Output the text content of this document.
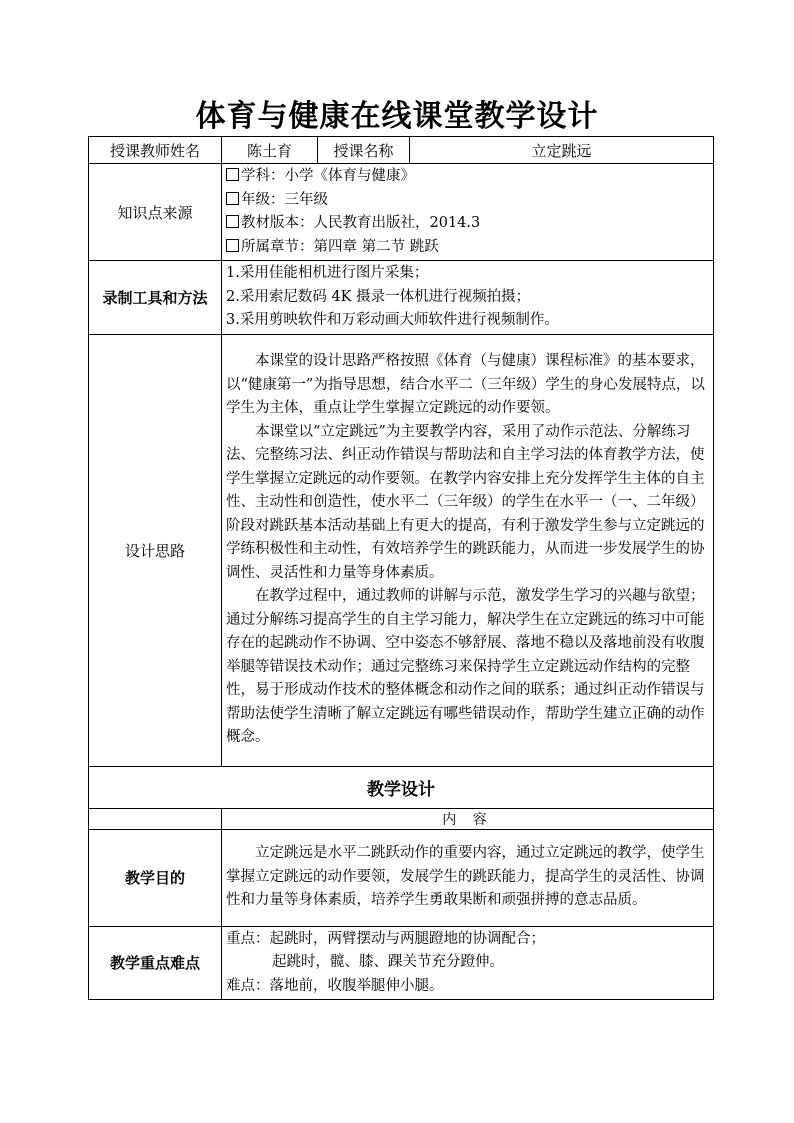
体育与健康在线课堂教学设计
授课教师姓名	陈土育	授课名称	立定跳远
知识点来源	学科：小学《体育与健康》

年级：三年级

教材版本：人民教育出版社，2014.3

所属章节：第四章 第二节 跳跃		

录制工具和方法	1.采用佳能相机进行图片采集；

2.采用索尼数码 4K 摄录一体机进行视频拍摄；

3.采用剪映软件和万彩动画大师软件进行视频制作。		

设计思路	本课堂的设计思路严格按照《体育（与健康）课程标准》的基本要求，以“健康第一”为指导思想，结合水平二（三年级）学生的身心发展特点，以学生为主体，重点让学生掌握立定跳远的动作要领。

本课堂以“立定跳远”为主要教学内容，采用了动作示范法、分解练习法、完整练习法、纠正动作错误与帮助法和自主学习法的体育教学方法，使学生掌握立定跳远的动作要领。在教学内容安排上充分发挥学生主体的自主性、主动性和创造性，使水平二（三年级）的学生在水平一（一、二年级）阶段对跳跃基本活动基础上有更大的提高，有利于激发学生参与立定跳远的学练积极性和主动性，有效培养学生的跳跃能力，从而进一步发展学生的协调性、灵活性和力量等身体素质。

在教学过程中，通过教师的讲解与示范，激发学生学习的兴趣与欲望；通过分解练习提高学生的自主学习能力，解决学生在立定跳远的练习中可能存在的起跳动作不协调、空中姿态不够舒展、落地不稳以及落地前没有收腹举腿等错误技术动作；通过完整练习来保持学生立定跳远动作结构的完整性，易于形成动作技术的整体概念和动作之间的联系；通过纠正动作错误与帮助法使学生清晰了解立定跳远有哪些错误动作，帮助学生建立正确的动作概念。		

教学设计			
	内 容		
教学目的	立定跳远是水平二跳跃动作的重要内容，通过立定跳远的教学，使学生掌握立定跳远的动作要领，发展学生的跳跃能力，提高学生的灵活性、协调性和力量等身体素质，培养学生勇敢果断和顽强拼搏的意志品质。		

教学重点难点	重点：起跳时，两臂摆动与两腿蹬地的协调配合；

起跳时，髋、膝、踝关节充分蹬伸。

难点：落地前，收腹举腿伸小腿。		
